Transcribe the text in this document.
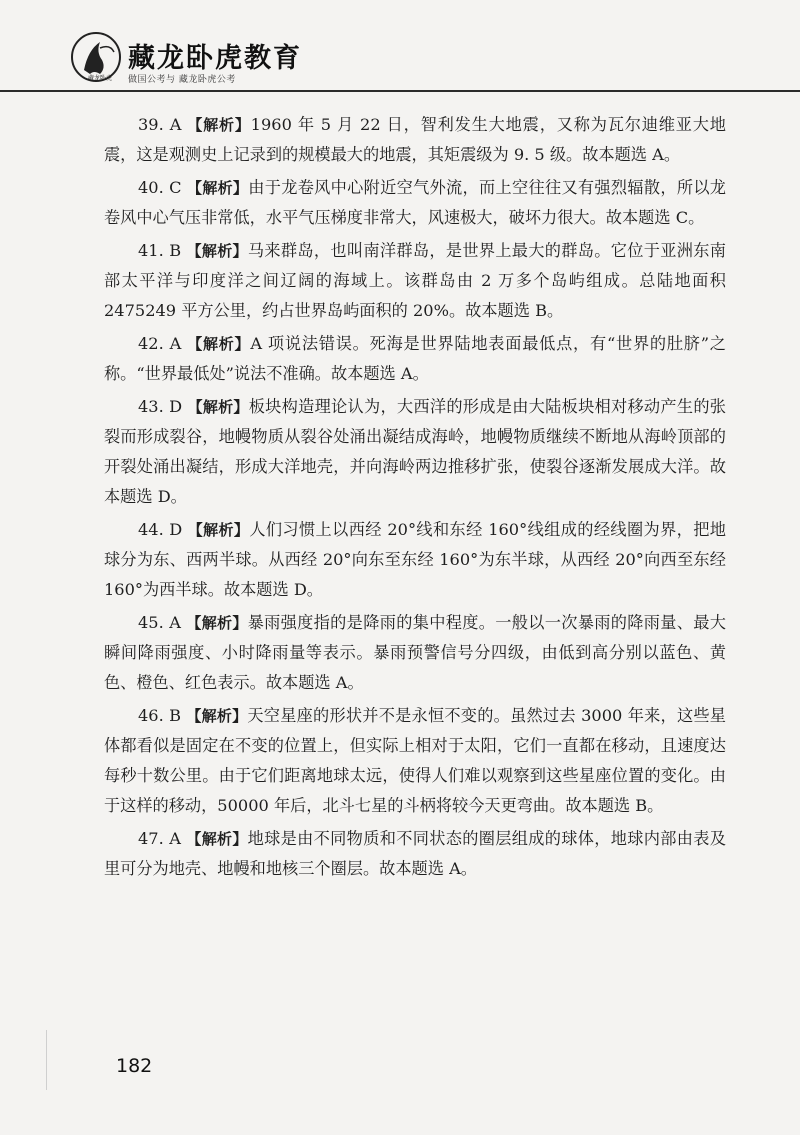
藏龙卧虎
藏龙卧虎教育
做国公考与 藏龙卧虎公考

39. A 【解析】1960 年 5 月 22 日，智利发生大地震，又称为瓦尔迪维亚大地震，这是观测史上记录到的规模最大的地震，其矩震级为 9. 5 级。故本题选 A。

40. C 【解析】由于龙卷风中心附近空气外流，而上空往往又有强烈辐散，所以龙卷风中心气压非常低，水平气压梯度非常大，风速极大，破坏力很大。故本题选 C。

41. B 【解析】马来群岛，也叫南洋群岛，是世界上最大的群岛。它位于亚洲东南部太平洋与印度洋之间辽阔的海域上。该群岛由 2 万多个岛屿组成。总陆地面积 2475249 平方公里，约占世界岛屿面积的 20%。故本题选 B。

42. A 【解析】A 项说法错误。死海是世界陆地表面最低点，有“世界的肚脐”之称。“世界最低处”说法不准确。故本题选 A。

43. D 【解析】板块构造理论认为，大西洋的形成是由大陆板块相对移动产生的张裂而形成裂谷，地幔物质从裂谷处涌出凝结成海岭，地幔物质继续不断地从海岭顶部的开裂处涌出凝结，形成大洋地壳，并向海岭两边推移扩张，使裂谷逐渐发展成大洋。故本题选 D。

44. D 【解析】人们习惯上以西经 20°线和东经 160°线组成的经线圈为界，把地球分为东、西两半球。从西经 20°向东至东经 160°为东半球，从西经 20°向西至东经 160°为西半球。故本题选 D。

45. A 【解析】暴雨强度指的是降雨的集中程度。一般以一次暴雨的降雨量、最大瞬间降雨强度、小时降雨量等表示。暴雨预警信号分四级，由低到高分别以蓝色、黄色、橙色、红色表示。故本题选 A。

46. B 【解析】天空星座的形状并不是永恒不变的。虽然过去 3000 年来，这些星体都看似是固定在不变的位置上，但实际上相对于太阳，它们一直都在移动，且速度达每秒十数公里。由于它们距离地球太远，使得人们难以观察到这些星座位置的变化。由于这样的移动，50000 年后，北斗七星的斗柄将较今天更弯曲。故本题选 B。

47. A 【解析】地球是由不同物质和不同状态的圈层组成的球体，地球内部由表及里可分为地壳、地幔和地核三个圈层。故本题选 A。

182
